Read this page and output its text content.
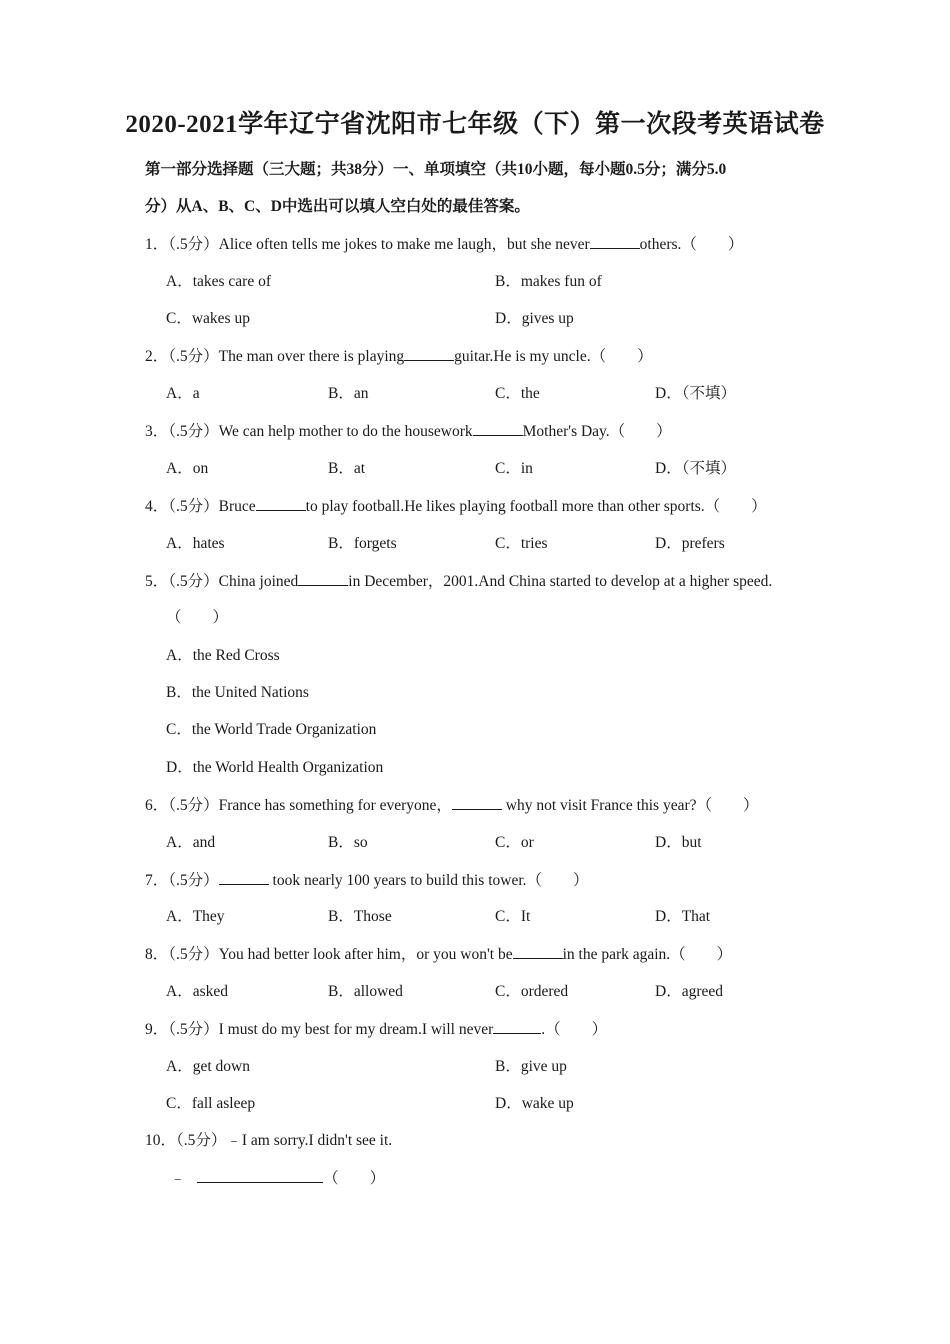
2020-2021学年辽宁省沈阳市七年级（下）第一次段考英语试卷
第一部分选择题（三大题；共38分）一、单项填空（共10小题，每小题0.5分；满分5.0
分）从A、B、C、D中选出可以填人空白处的最佳答案。
1．（.5分）Alice often tells me jokes to make me laugh，but she never	others.（　　）
A．takes care of	B．makes fun of
C．wakes up	D．gives up
2．（.5分）The man over there is playing	guitar.He is my uncle.（　　）
A．a	B．an	C．the	D．（不填）
3．（.5分）We can help mother to do the housework	Mother's Day.（　　）
A．on	B．at	C．in	D．（不填）
4．（.5分）Bruce	to play football.He likes playing football more than other sports.（　　）
A．hates	B．forgets	C．tries	D．prefers
5．（.5分）China joined	in December，2001.And China started to develop at a higher speed.
（　　）
A．the Red Cross
B．the United Nations
C．the World Trade Organization
D．the World Health Organization
6．（.5分）France has something for everyone，	why not visit France this year?（　　）
A．and	B．so	C．or	D．but
7．（.5分）	took nearly 100 years to build this tower.（　　）
A．They	B．Those	C．It	D．That
8．（.5分）You had better look after him，or you won't be	in the park again.（　　）
A．asked	B．allowed	C．ordered	D．agreed
9．（.5分）I must do my best for my dream.I will never	.（　　）
A．get down	B．give up
C．fall asleep	D．wake up
10．（.5分）﹣I am sorry.I didn't see it.
﹣	（　　）
